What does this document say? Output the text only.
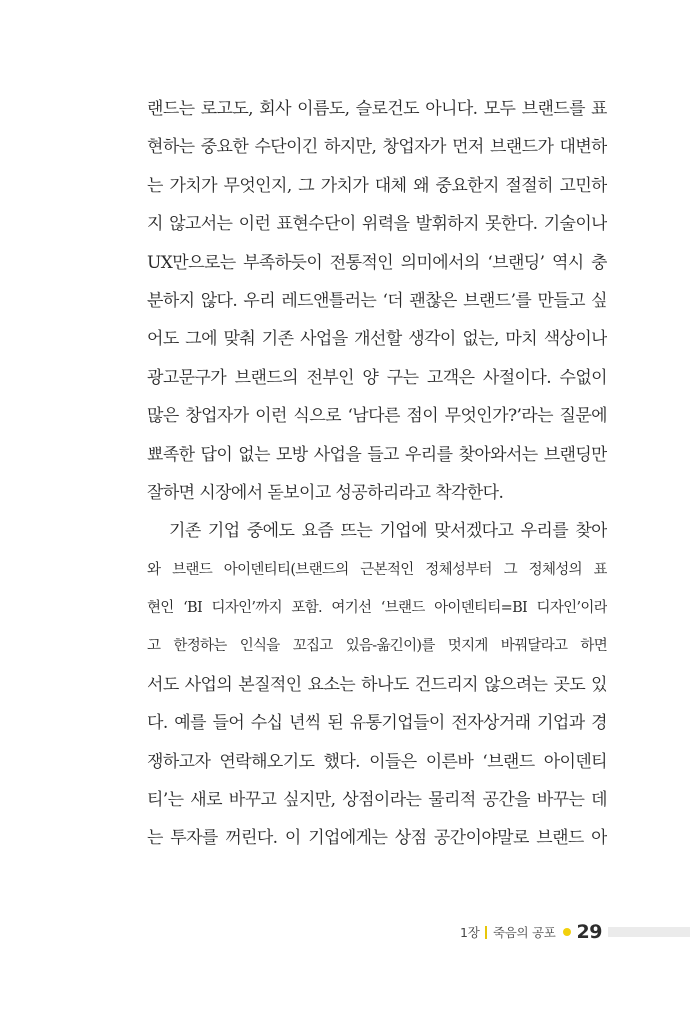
랜드는 로고도, 회사 이름도, 슬로건도 아니다. 모두 브랜드를 표
현하는 중요한 수단이긴 하지만, 창업자가 먼저 브랜드가 대변하
는 가치가 무엇인지, 그 가치가 대체 왜 중요한지 절절히 고민하
지 않고서는 이런 표현수단이 위력을 발휘하지 못한다. 기술이나
UX만으로는 부족하듯이 전통적인 의미에서의 ‘브랜딩’ 역시 충
분하지 않다. 우리 레드앤틀러는 ‘더 괜찮은 브랜드’를 만들고 싶
어도 그에 맞춰 기존 사업을 개선할 생각이 없는, 마치 색상이나
광고문구가 브랜드의 전부인 양 구는 고객은 사절이다. 수없이
많은 창업자가 이런 식으로 ‘남다른 점이 무엇인가?’라는 질문에
뾰족한 답이 없는 모방 사업을 들고 우리를 찾아와서는 브랜딩만
잘하면 시장에서 돋보이고 성공하리라고 착각한다.
기존 기업 중에도 요즘 뜨는 기업에 맞서겠다고 우리를 찾아
와 브랜드 아이덴티티(브랜드의 근본적인 정체성부터 그 정체성의 표
현인 ‘BI 디자인’까지 포함. 여기선 ‘브랜드 아이덴티티=BI 디자인’이라
고 한정하는 인식을 꼬집고 있음-옮긴이)를 멋지게 바꿔달라고 하면
서도 사업의 본질적인 요소는 하나도 건드리지 않으려는 곳도 있
다. 예를 들어 수십 년씩 된 유통기업들이 전자상거래 기업과 경
쟁하고자 연락해오기도 했다. 이들은 이른바 ‘브랜드 아이덴티
티’는 새로 바꾸고 싶지만, 상점이라는 물리적 공간을 바꾸는 데
는 투자를 꺼린다. 이 기업에게는 상점 공간이야말로 브랜드 아
1장 죽음의 공포 29
